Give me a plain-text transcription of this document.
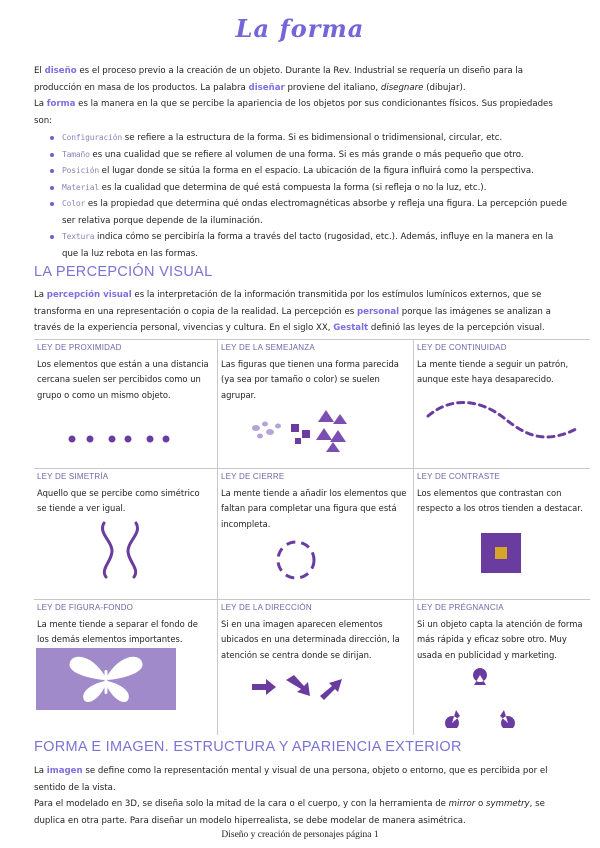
La forma

El diseño es el proceso previo a la creación de un objeto. Durante la Rev. Industrial se requería un diseño para la producción en masa de los productos. La palabra diseñar proviene del italiano, disegnare (dibujar).

La forma es la manera en la que se percibe la apariencia de los objetos por sus condicionantes físicos. Sus propiedades son:

Configuración se refiere a la estructura de la forma. Si es bidimensional o tridimensional, circular, etc.
Tamaño es una cualidad que se refiere al volumen de una forma. Si es más grande o más pequeño que otro.
Posición el lugar donde se sitúa la forma en el espacio. La ubicación de la figura influirá como la perspectiva.
Material es la cualidad que determina de qué está compuesta la forma (si refleja o no la luz, etc.).
Color es la propiedad que determina qué ondas electromagnéticas absorbe y refleja una figura. La percepción puede ser relativa porque depende de la iluminación.
Textura indica cómo se percibiría la forma a través del tacto (rugosidad, etc.). Además, influye en la manera en la que la luz rebota en las formas.
LA PERCEPCIÓN VISUAL

La percepción visual es la interpretación de la información transmitida por los estímulos lumínicos externos, que se transforma en una representación o copia de la realidad. La percepción es personal porque las imágenes se analizan a través de la experiencia personal, vivencias y cultura. En el siglo XX, Gestalt definió las leyes de la percepción visual.

LEY DE PROXIMIDAD
Los elementos que están a una distancia cercana suelen ser percibidos como un grupo o como un mismo objeto.
LEY DE LA SEMEJANZA
Las figuras que tienen una forma parecida (ya sea por tamaño o color) se suelen agrupar.
LEY DE CONTINUIDAD
La mente tiende a seguir un patrón, aunque este haya desaparecido.
LEY DE SIMETRÍA
Aquello que se percibe como simétrico se tiende a ver igual.
LEY DE CIERRE
La mente tiende a añadir los elementos que faltan para completar una figura que está incompleta.
LEY DE CONTRASTE
Los elementos que contrastan con respecto a los otros tienden a destacar.
LEY DE FIGURA-FONDO
La mente tiende a separar el fondo de los demás elementos importantes.
LEY DE LA DIRECCIÓN
Si en una imagen aparecen elementos ubicados en una determinada dirección, la atención se centra donde se dirijan.
LEY DE PRÉGNANCIA
Si un objeto capta la atención de forma más rápida y eficaz sobre otro. Muy usada en publicidad y marketing.
FORMA E IMAGEN. ESTRUCTURA Y APARIENCIA EXTERIOR

La imagen se define como la representación mental y visual de una persona, objeto o entorno, que es percibida por el sentido de la vista.

Para el modelado en 3D, se diseña solo la mitad de la cara o el cuerpo, y con la herramienta de mirror o symmetry, se duplica en otra parte. Para diseñar un modelo hiperrealista, se debe modelar de manera asimétrica.

Diseño y creación de personajes página 1
